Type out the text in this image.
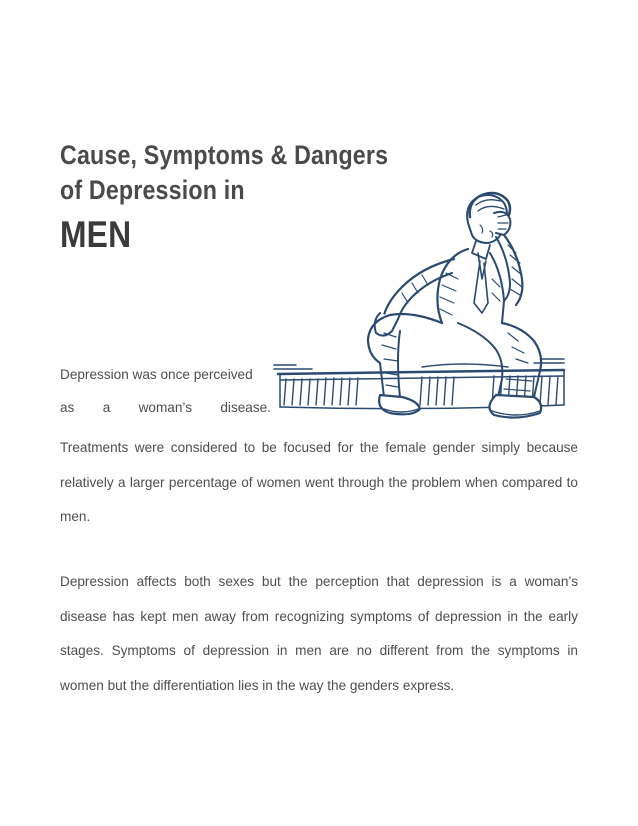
Cause, Symptoms & Dangers
of Depression in
MEN

Depression was once perceived

as a woman’s disease.

Treatments were considered to be focused for the female gender simply because relatively a larger percentage of women went through the problem when compared to men.

Depression affects both sexes but the perception that depression is a woman’s disease has kept men away from recognizing symptoms of depression in the early stages. Symptoms of depression in men are no different from the symptoms in women but the differentiation lies in the way the genders express.
